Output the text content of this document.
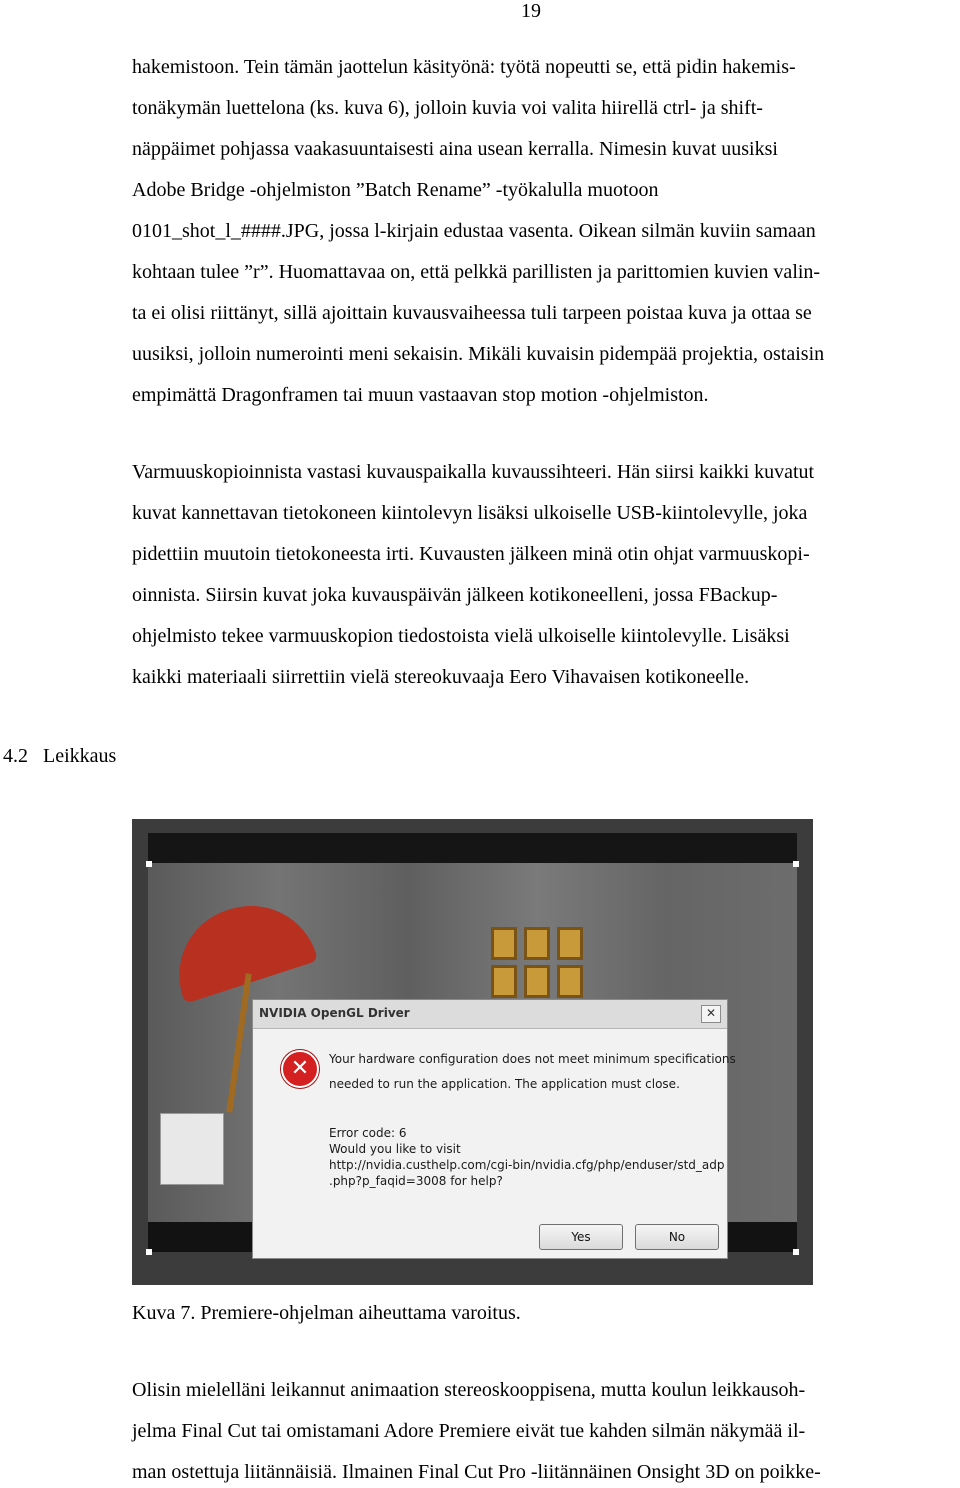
19
hakemistoon. Tein tämän jaottelun käsityönä: työtä nopeutti se, että pidin hakemis-
tonäkymän luettelona (ks. kuva 6), jolloin kuvia voi valita hiirellä ctrl- ja shift-
näppäimet pohjassa vaakasuuntaisesti aina usean kerralla. Nimesin kuvat uusiksi
Adobe Bridge -ohjelmiston ”Batch Rename” -työkalulla muotoon
0101_shot_l_####.JPG, jossa l-kirjain edustaa vasenta. Oikean silmän kuviin samaan
kohtaan tulee ”r”. Huomattavaa on, että pelkkä parillisten ja parittomien kuvien valin-
ta ei olisi riittänyt, sillä ajoittain kuvausvaiheessa tuli tarpeen poistaa kuva ja ottaa se
uusiksi, jolloin numerointi meni sekaisin. Mikäli kuvaisin pidempää projektia, ostaisin
empimättä Dragonframen tai muun vastaavan stop motion -ohjelmiston.
Varmuuskopioinnista vastasi kuvauspaikalla kuvaussihteeri. Hän siirsi kaikki kuvatut
kuvat kannettavan tietokoneen kiintolevyn lisäksi ulkoiselle USB-kiintolevylle, joka
pidettiin muutoin tietokoneesta irti. Kuvausten jälkeen minä otin ohjat varmuuskopi-
oinnista. Siirsin kuvat joka kuvauspäivän jälkeen kotikoneelleni, jossa FBackup-
ohjelmisto tekee varmuuskopion tiedostoista vielä ulkoiselle kiintolevylle. Lisäksi
kaikki materiaali siirrettiin vielä stereokuvaaja Eero Vihavaisen kotikoneelle.
4.2 Leikkaus
NVIDIA OpenGL Driver	✕
✕	Your hardware configuration does not meet minimum specifications
needed to run the application. The application must close.
Error code: 6
Would you like to visit
http://nvidia.custhelp.com/cgi-bin/nvidia.cfg/php/enduser/std_adp
.php?p_faqid=3008 for help?
Yes	No
Kuva 7. Premiere-ohjelman aiheuttama varoitus.
Olisin mielelläni leikannut animaation stereoskooppisena, mutta koulun leikkausoh-
jelma Final Cut tai omistamani Adore Premiere eivät tue kahden silmän näkymää il-
man ostettuja liitännäisiä. Ilmainen Final Cut Pro -liitännäinen Onsight 3D on poikke-
